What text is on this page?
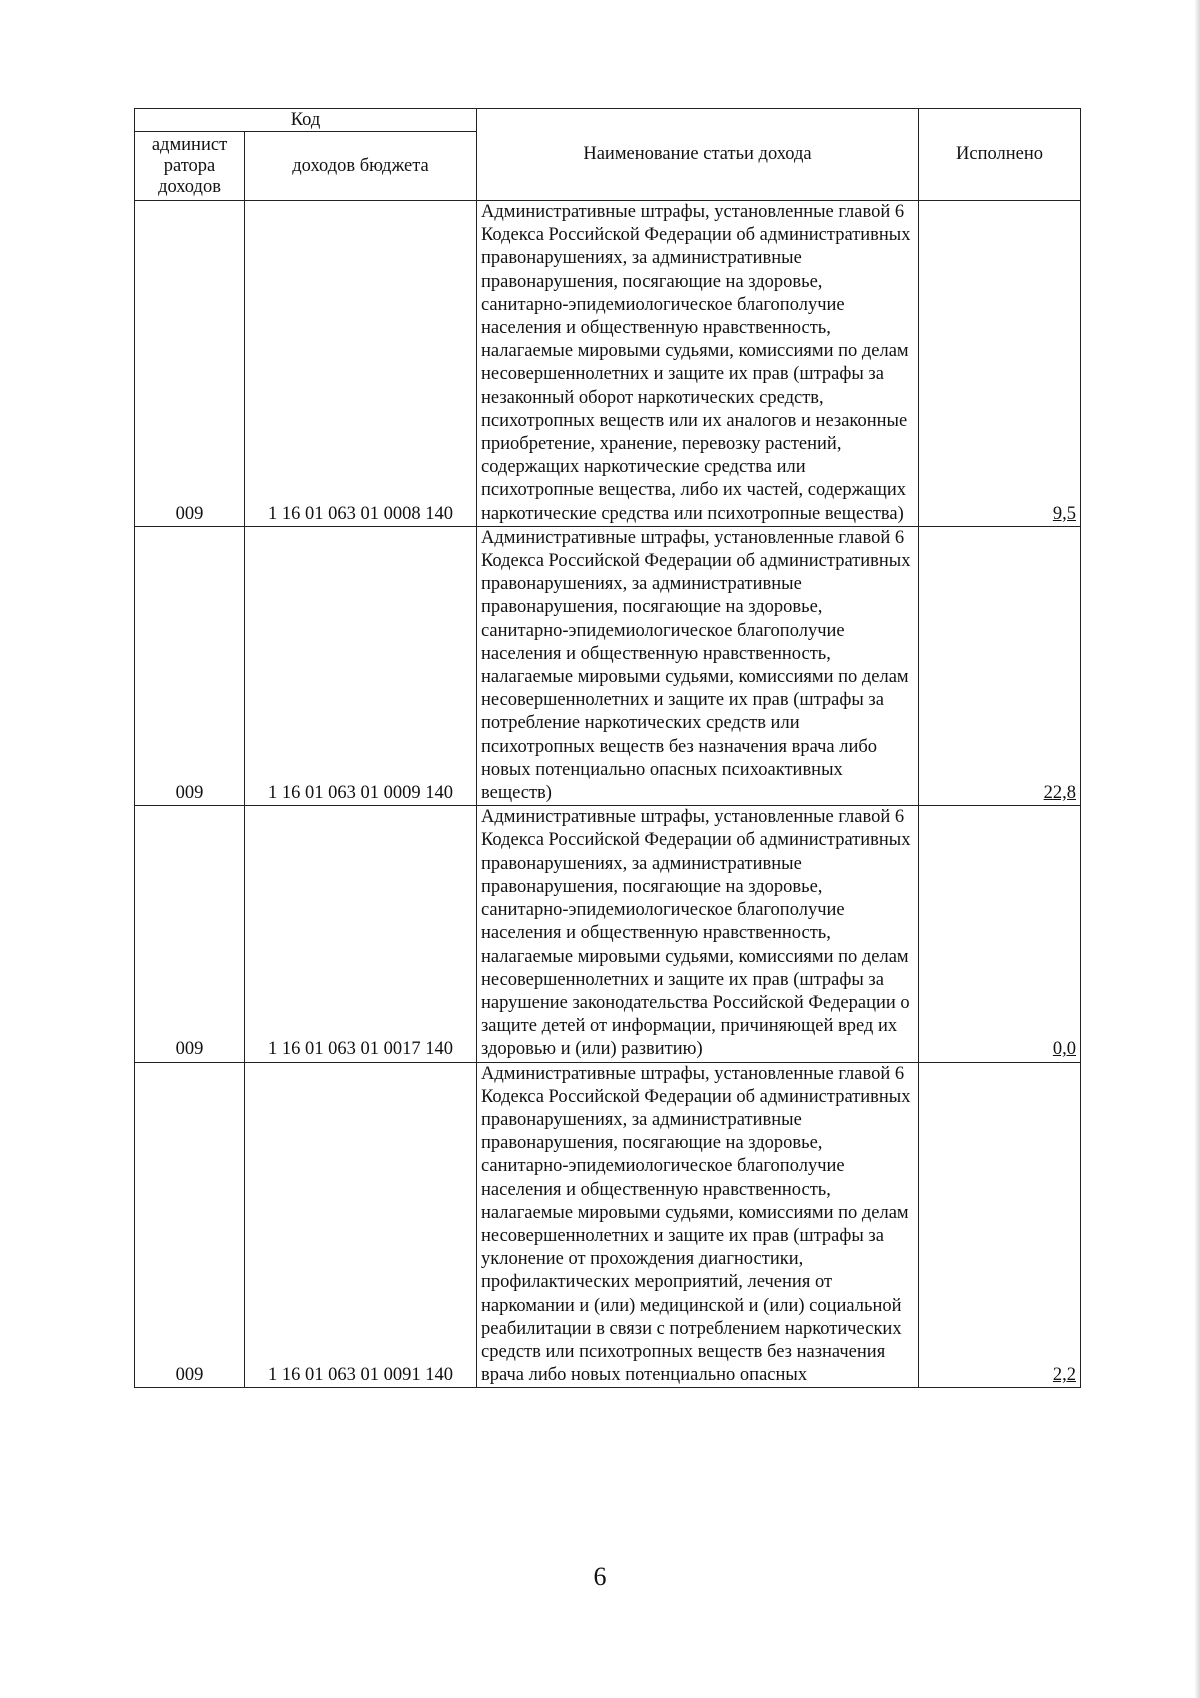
Код		Наименование статьи дохода	Исполнено
админист ратора доходов	доходов бюджета		
009	1 16 01 063 01 0008 140	Административные штрафы, установленные главой 6 Кодекса Российской Федерации об административных правонарушениях, за административные правонарушения, посягающие на здоровье, санитарно-эпидемиологическое благополучие населения и общественную нравственность, налагаемые мировыми судьями, комиссиями по делам несовершеннолетних и защите их прав (штрафы за незаконный оборот наркотических средств, психотропных веществ или их аналогов и незаконные приобретение, хранение, перевозку растений, содержащих наркотические средства или психотропные вещества, либо их частей, содержащих наркотические средства или психотропные вещества)	9,5
009	1 16 01 063 01 0009 140	Административные штрафы, установленные главой 6 Кодекса Российской Федерации об административных правонарушениях, за административные правонарушения, посягающие на здоровье, санитарно-эпидемиологическое благополучие населения и общественную нравственность, налагаемые мировыми судьями, комиссиями по делам несовершеннолетних и защите их прав (штрафы за потребление наркотических средств или психотропных веществ без назначения врача либо новых потенциально опасных психоактивных веществ)	22,8
009	1 16 01 063 01 0017 140	Административные штрафы, установленные главой 6 Кодекса Российской Федерации об административных правонарушениях, за административные правонарушения, посягающие на здоровье, санитарно-эпидемиологическое благополучие населения и общественную нравственность, налагаемые мировыми судьями, комиссиями по делам несовершеннолетних и защите их прав (штрафы за нарушение законодательства Российской Федерации о защите детей от информации, причиняющей вред их здоровью и (или) развитию)	0,0
009	1 16 01 063 01 0091 140	Административные штрафы, установленные главой 6 Кодекса Российской Федерации об административных правонарушениях, за административные правонарушения, посягающие на здоровье, санитарно-эпидемиологическое благополучие населения и общественную нравственность, налагаемые мировыми судьями, комиссиями по делам несовершеннолетних и защите их прав (штрафы за уклонение от прохождения диагностики, профилактических мероприятий, лечения от наркомании и (или) медицинской и (или) социальной реабилитации в связи с потреблением наркотических средств или психотропных веществ без назначения врача либо новых потенциально опасных	2,2
6
